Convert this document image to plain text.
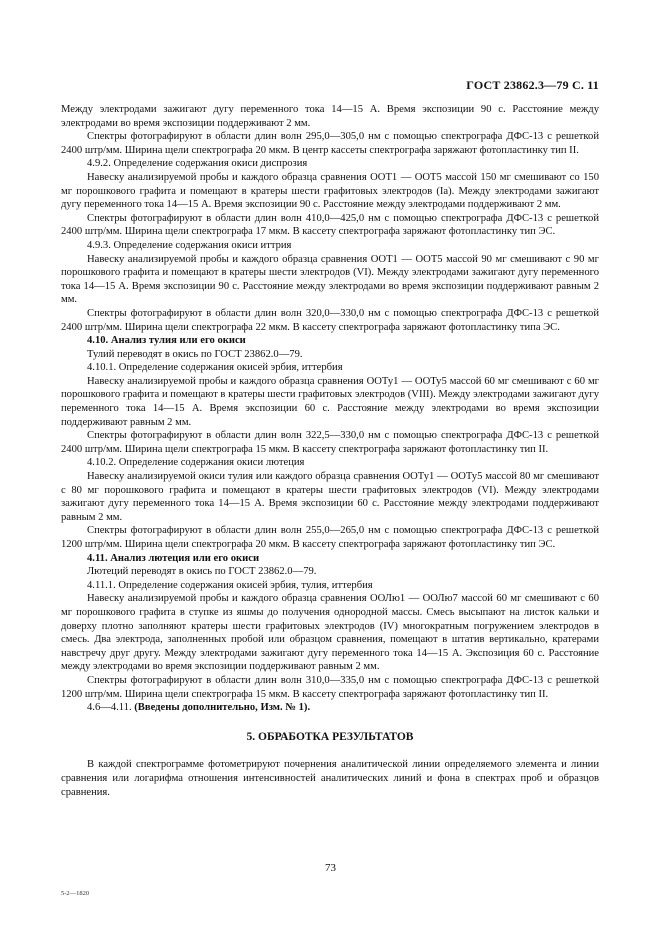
ГОСТ 23862.3—79 С. 11

Между электродами зажигают дугу переменного тока 14—15 А. Время экспозиции 90 с. Расстояние между электродами во время экспозиции поддерживают 2 мм.

Спектры фотографируют в области длин волн 295,0—305,0 нм с помощью спектрографа ДФС-13 с решеткой 2400 штр/мм. Ширина щели спектрографа 20 мкм. В центр кассеты спектрографа заряжают фотопластинку тип II.

4.9.2. Определение содержания окиси диспрозия

Навеску анализируемой пробы и каждого образца сравнения ООТ1 — ООТ5 массой 150 мг смешивают со 150 мг порошкового графита и помещают в кратеры шести графитовых электродов (Ia). Между электродами зажигают дугу переменного тока 14—15 А. Время экспозиции 90 с. Расстояние между электродами поддерживают 2 мм.

Спектры фотографируют в области длин волн 410,0—425,0 нм с помощью спектрографа ДФС-13 с решеткой 2400 штр/мм. Ширина щели спектрографа 17 мкм. В кассету спектрографа заряжают фотопластинку тип ЭС.

4.9.3. Определение содержания окиси иттрия

Навеску анализируемой пробы и каждого образца сравнения ООТ1 — ООТ5 массой 90 мг смешивают с 90 мг порошкового графита и помещают в кратеры шести электродов (VI). Между электродами зажигают дугу переменного тока 14—15 А. Время экспозиции 90 с. Расстояние между электродами во время экспозиции поддерживают равным 2 мм.

Спектры фотографируют в области длин волн 320,0—330,0 нм с помощью спектрографа ДФС-13 с решеткой 2400 штр/мм. Ширина щели спектрографа 22 мкм. В кассету спектрографа заряжают фотопластинку типа ЭС.

4.10. Анализ тулия или его окиси

Тулий переводят в окись по ГОСТ 23862.0—79.

4.10.1. Определение содержания окисей эрбия, иттербия

Навеску анализируемой пробы и каждого образца сравнения ООТу1 — ООТу5 массой 60 мг смешивают с 60 мг порошкового графита и помещают в кратеры шести графитовых электродов (VIII). Между электродами зажигают дугу переменного тока 14—15 А. Время экспозиции 60 с. Расстояние между электродами во время экспозиции поддерживают равным 2 мм.

Спектры фотографируют в области длин волн 322,5—330,0 нм с помощью спектрографа ДФС-13 с решеткой 2400 штр/мм. Ширина щели спектрографа 15 мкм. В кассету спектрографа заряжают фотопластинку тип II.

4.10.2. Определение содержания окиси лютеция

Навеску анализируемой окиси тулия или каждого образца сравнения ООТу1 — ООТу5 массой 80 мг смешивают с 80 мг порошкового графита и помещают в кратеры шести графитовых электродов (VI). Между электродами зажигают дугу переменного тока 14—15 А. Время экспозиции 60 с. Расстояние между электродами поддерживают равным 2 мм.

Спектры фотографируют в области длин волн 255,0—265,0 нм с помощью спектрографа ДФС-13 с решеткой 1200 штр/мм. Ширина щели спектрографа 20 мкм. В кассету спектрографа заряжают фотопластинку тип ЭС.

4.11. Анализ лютеция или его окиси

Лютеций переводят в окись по ГОСТ 23862.0—79.

4.11.1. Определение содержания окисей эрбия, тулия, иттербия

Навеску анализируемой пробы и каждого образца сравнения ООЛю1 — ООЛю7 массой 60 мг смешивают с 60 мг порошкового графита в ступке из яшмы до получения однородной массы. Смесь высыпают на листок кальки и доверху плотно заполняют кратеры шести графитовых электродов (IV) многократным погружением электродов в смесь. Два электрода, заполненных пробой или образцом сравнения, помещают в штатив вертикально, кратерами навстречу друг другу. Между электродами зажигают дугу переменного тока 14—15 А. Экспозиция 60 с. Расстояние между электродами во время экспозиции поддерживают равным 2 мм.

Спектры фотографируют в области длин волн 310,0—335,0 нм с помощью спектрографа ДФС-13 с решеткой 1200 штр/мм. Ширина щели спектрографа 15 мкм. В кассету спектрографа заряжают фотопластинку тип II.

4.6—4.11. (Введены дополнительно, Изм. № 1).

5. ОБРАБОТКА РЕЗУЛЬТАТОВ

В каждой спектрограмме фотометрируют почернения аналитической линии определяемого элемента и линии сравнения или логарифма отношения интенсивностей аналитических линий и фона в спектрах проб и образцов сравнения.

73
5-2—1820
